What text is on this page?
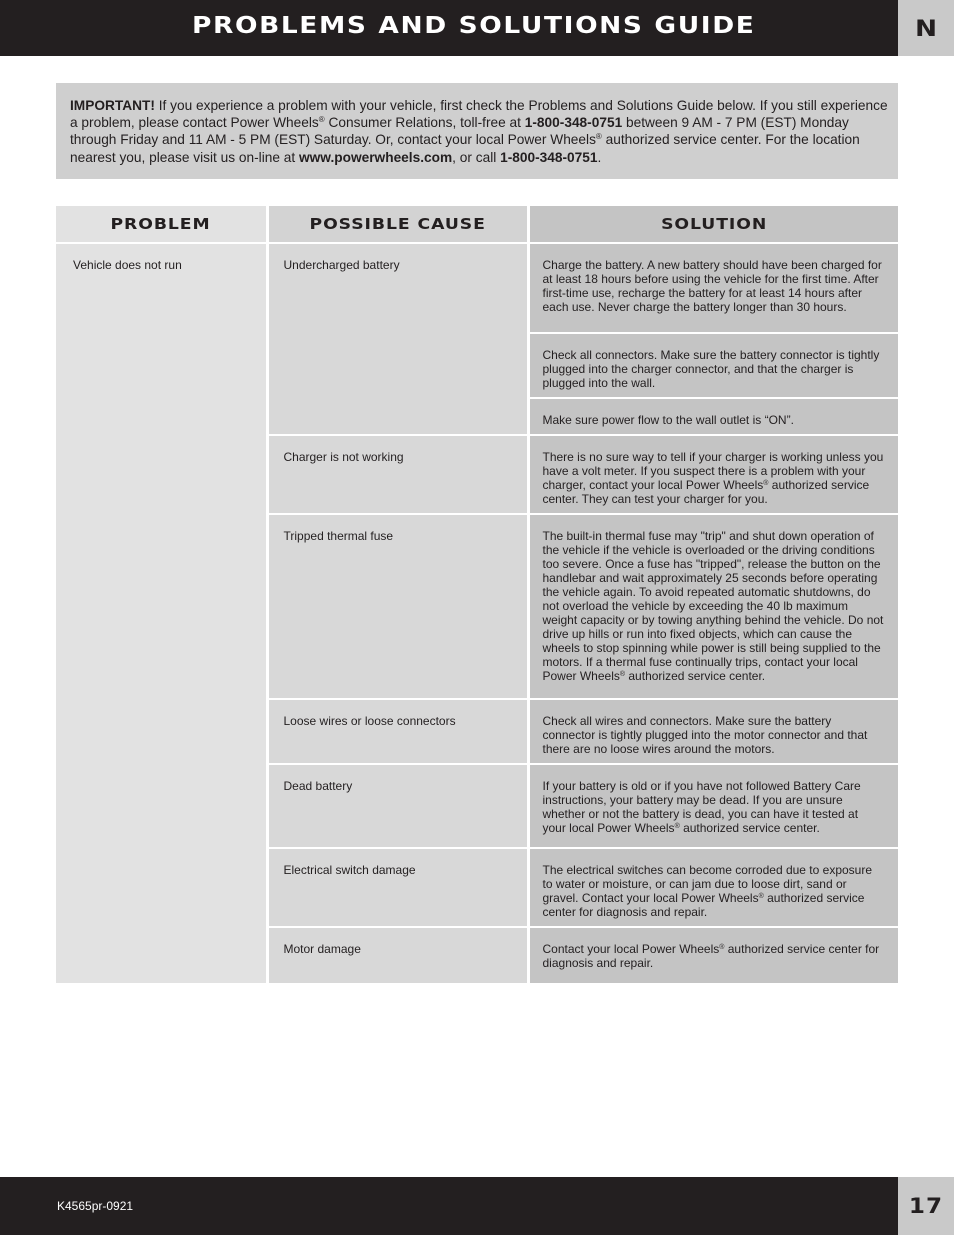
PROBLEMS AND SOLUTIONS GUIDE	N
IMPORTANT! If you experience a problem with your vehicle, first check the Problems and Solutions Guide below. If you still experience a problem, please contact Power Wheels® Consumer Relations, toll-free at 1-800-348-0751 between 9 AM - 7 PM (EST) Monday through Friday and 11 AM - 5 PM (EST) Saturday. Or, contact your local Power Wheels® authorized service center. For the location nearest you, please visit us on-line at www.powerwheels.com, or call 1-800-348-0751.
PROBLEM	POSSIBLE CAUSE	SOLUTION
Vehicle does not run	Undercharged battery	Charge the battery. A new battery should have been charged for at least 18 hours before using the vehicle for the first time. After first-time use, recharge the battery for at least 14 hours after each use. Never charge the battery longer than 30 hours.
		Check all connectors. Make sure the battery connector is tightly plugged into the charger connector, and that the charger is plugged into the wall.
		Make sure power flow to the wall outlet is “ON”.
	Charger is not working	There is no sure way to tell if your charger is working unless you have a volt meter. If you suspect there is a problem with your charger, contact your local Power Wheels® authorized service center. They can test your charger for you.
	Tripped thermal fuse	The built-in thermal fuse may "trip" and shut down operation of the vehicle if the vehicle is overloaded or the driving conditions too severe. Once a fuse has "tripped", release the button on the handlebar and wait approximately 25 seconds before operating the vehicle again. To avoid repeated automatic shutdowns, do not overload the vehicle by exceeding the 40 lb maximum weight capacity or by towing anything behind the vehicle. Do not drive up hills or run into fixed objects, which can cause the wheels to stop spinning while power is still being supplied to the motors. If a thermal fuse continually trips, contact your local Power Wheels® authorized service center.
	Loose wires or loose connectors	Check all wires and connectors. Make sure the battery connector is tightly plugged into the motor connector and that there are no loose wires around the motors.
	Dead battery	If your battery is old or if you have not followed Battery Care instructions, your battery may be dead. If you are unsure whether or not the battery is dead, you can have it tested at your local Power Wheels® authorized service center.
	Electrical switch damage	The electrical switches can become corroded due to exposure to water or moisture, or can jam due to loose dirt, sand or gravel. Contact your local Power Wheels® authorized service center for diagnosis and repair.
	Motor damage	Contact your local Power Wheels® authorized service center for diagnosis and repair.
K4565pr-0921	17
